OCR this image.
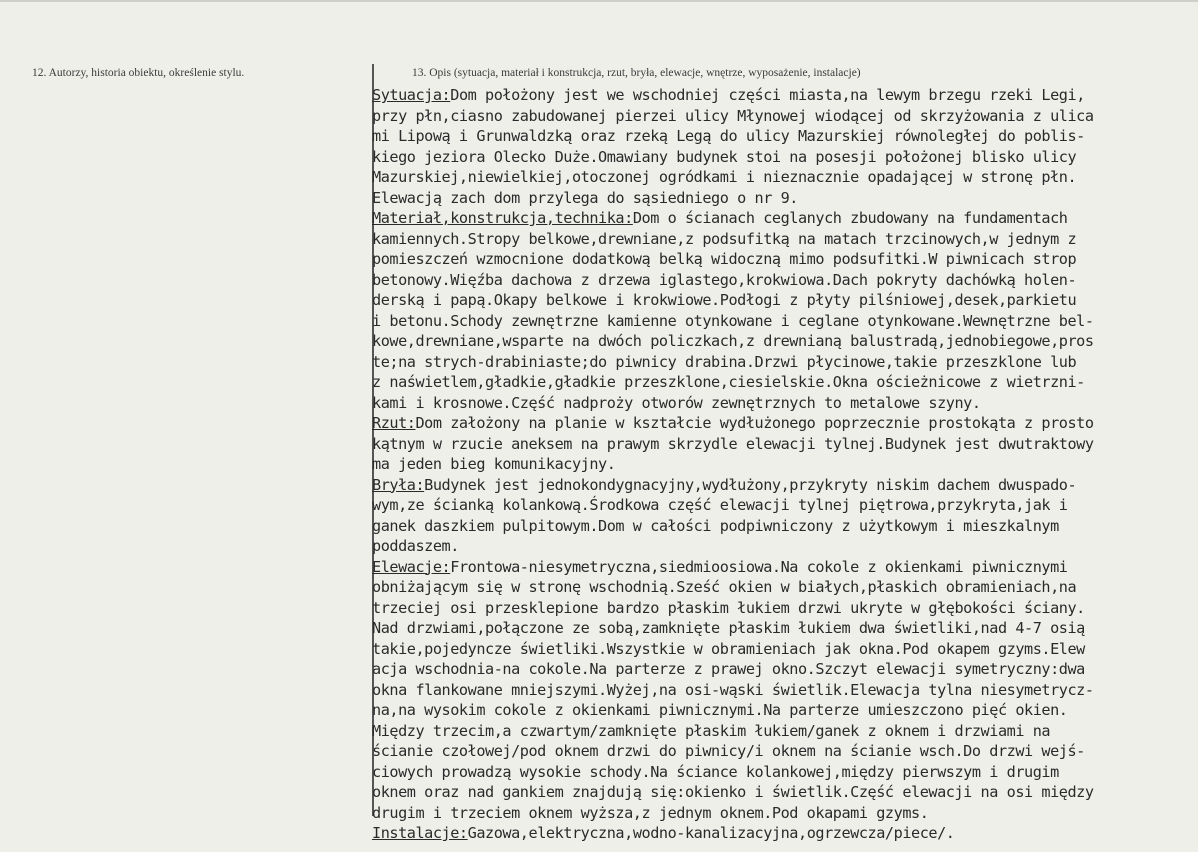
12. Autorzy, historia obiektu, określenie stylu.	13. Opis (sytuacja, materiał i konstrukcja, rzut, bryła, elewacje, wnętrze, wyposażenie, instalacje)
Sytuacja:Dom położony jest we wschodniej części miasta,na lewym brzegu rzeki Legi,
przy płn,ciasno zabudowanej pierzei ulicy Młynowej wiodącej od skrzyżowania z ulica
mi Lipową i Grunwaldzką oraz rzeką Legą do ulicy Mazurskiej równoległej do poblis-
kiego jeziora Olecko Duże.Omawiany budynek stoi na posesji położonej blisko ulicy
Mazurskiej,niewielkiej,otoczonej ogródkami i nieznacznie opadającej w stronę płn.
Elewacją zach dom przylega do sąsiedniego o nr 9.
Materiał,konstrukcja,technika:Dom o ścianach ceglanych zbudowany na fundamentach
kamiennych.Stropy belkowe,drewniane,z podsufitką na matach trzcinowych,w jednym z
pomieszczeń wzmocnione dodatkową belką widoczną mimo podsufitki.W piwnicach strop
betonowy.Więźba dachowa z drzewa iglastego,krokwiowa.Dach pokryty dachówką holen-
derską i papą.Okapy belkowe i krokwiowe.Podłogi z płyty pilśniowej,desek,parkietu
i betonu.Schody zewnętrzne kamienne otynkowane i ceglane otynkowane.Wewnętrzne bel-
kowe,drewniane,wsparte na dwóch policzkach,z drewnianą balustradą,jednobiegowe,pros
te;na strych-drabiniaste;do piwnicy drabina.Drzwi płycinowe,takie przeszklone lub
z naświetlem,gładkie,gładkie przeszklone,ciesielskie.Okna ościeżnicowe z wietrzni-
kami i krosnowe.Część nadproży otworów zewnętrznych to metalowe szyny.
Rzut:Dom założony na planie w kształcie wydłużonego poprzecznie prostokąta z prosto
kątnym w rzucie aneksem na prawym skrzydle elewacji tylnej.Budynek jest dwutraktowy
ma jeden bieg komunikacyjny.
Bryła:Budynek jest jednokondygnacyjny,wydłużony,przykryty niskim dachem dwuspado-
wym,ze ścianką kolankową.Środkowa część elewacji tylnej piętrowa,przykryta,jak i
ganek daszkiem pulpitowym.Dom w całości podpiwniczony z użytkowym i mieszkalnym
poddaszem.
Elewacje:Frontowa-niesymetryczna,siedmioosiowa.Na cokole z okienkami piwnicznymi
obniżającym się w stronę wschodnią.Sześć okien w białych,płaskich obramieniach,na
trzeciej osi przesklepione bardzo płaskim łukiem drzwi ukryte w głębokości ściany.
Nad drzwiami,połączone ze sobą,zamknięte płaskim łukiem dwa świetliki,nad 4-7 osią
takie,pojedyncze świetliki.Wszystkie w obramieniach jak okna.Pod okapem gzyms.Elew
acja wschodnia-na cokole.Na parterze z prawej okno.Szczyt elewacji symetryczny:dwa
okna flankowane mniejszymi.Wyżej,na osi-wąski świetlik.Elewacja tylna niesymetrycz-
na,na wysokim cokole z okienkami piwnicznymi.Na parterze umieszczono pięć okien.
Między trzecim,a czwartym/zamknięte płaskim łukiem/ganek z oknem i drzwiami na
ścianie czołowej/pod oknem drzwi do piwnicy/i oknem na ścianie wsch.Do drzwi wejś-
ciowych prowadzą wysokie schody.Na ściance kolankowej,między pierwszym i drugim
oknem oraz nad gankiem znajdują się:okienko i świetlik.Część elewacji na osi między
drugim i trzeciem oknem wyższa,z jednym oknem.Pod okapami gzyms.
Instalacje:Gazowa,elektryczna,wodno-kanalizacyjna,ogrzewcza/piece/.
